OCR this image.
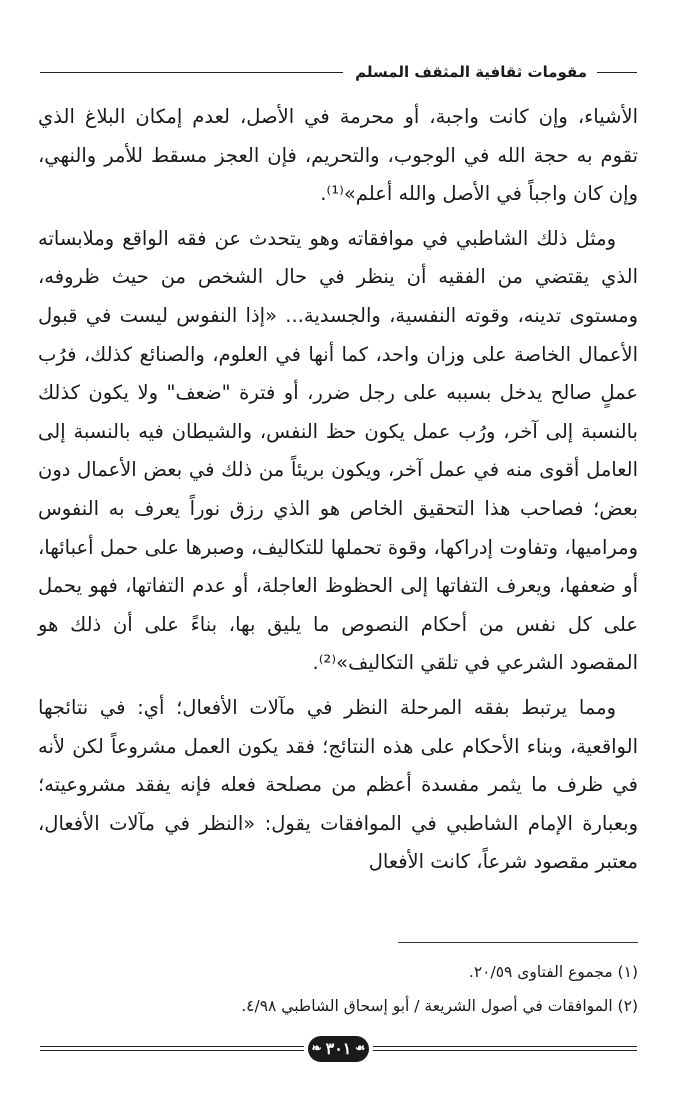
مقومات ثقافية المثقف المسلم

الأشياء، وإن كانت واجبة، أو محرمة في الأصل، لعدم إمكان البلاغ الذي تقوم به حجة الله في الوجوب، والتحريم، فإن العجز مسقط للأمر والنهي، وإن كان واجباً في الأصل والله أعلم»⁽¹⁾.

ومثل ذلك الشاطبي في موافقاته وهو يتحدث عن فقه الواقع وملابساته الذي يقتضي من الفقيه أن ينظر في حال الشخص من حيث ظروفه، ومستوى تدينه، وقوته النفسية، والجسدية... «إذا النفوس ليست في قبول الأعمال الخاصة على وزان واحد، كما أنها في العلوم، والصنائع كذلك، فرُب عملٍ صالح يدخل بسببه على رجل ضرر، أو فترة "ضعف" ولا يكون كذلك بالنسبة إلى آخر، ورُب عمل يكون حظ النفس، والشيطان فيه بالنسبة إلى العامل أقوى منه في عمل آخر، ويكون بريئاً من ذلك في بعض الأعمال دون بعض؛ فصاحب هذا التحقيق الخاص هو الذي رزق نوراً يعرف به النفوس ومراميها، وتفاوت إدراكها، وقوة تحملها للتكاليف، وصبرها على حمل أعبائها، أو ضعفها، ويعرف التفاتها إلى الحظوظ العاجلة، أو عدم التفاتها، فهو يحمل على كل نفس من أحكام النصوص ما يليق بها، بناءً على أن ذلك هو المقصود الشرعي في تلقي التكاليف»⁽²⁾.

ومما يرتبط بفقه المرحلة النظر في مآلات الأفعال؛ أي: في نتائجها الواقعية، وبناء الأحكام على هذه النتائج؛ فقد يكون العمل مشروعاً لكن لأنه في ظرف ما يثمر مفسدة أعظم من مصلحة فعله فإنه يفقد مشروعيته؛ وبعبارة الإمام الشاطبي في الموافقات يقول: «النظر في مآلات الأفعال، معتبر مقصود شرعاً، كانت الأفعال

(١) مجموع الفتاوى ٢٠/٥٩.
(٢) الموافقات في أصول الشريعة / أبو إسحاق الشاطبي ٤/٩٨.
❧ ٣٠١ ❧
